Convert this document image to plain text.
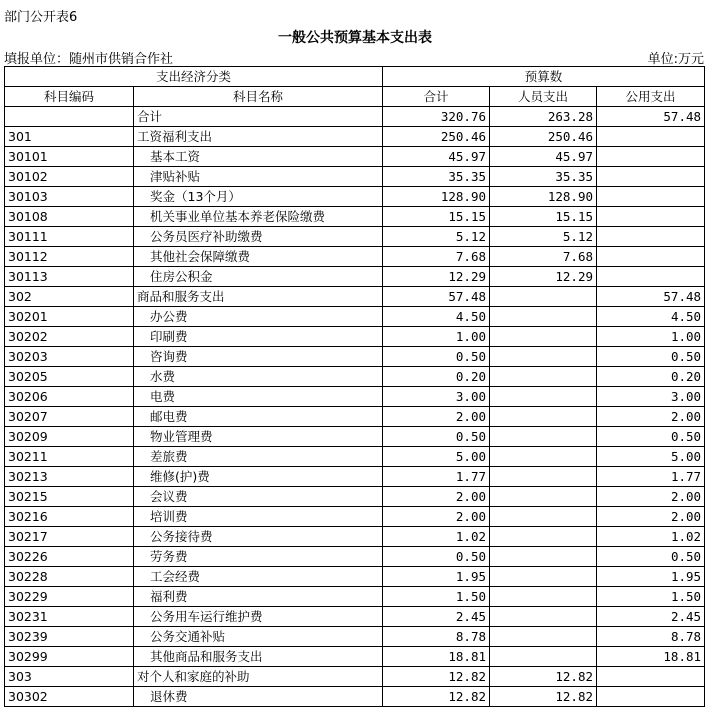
部门公开表6
一般公共预算基本支出表
填报单位：随州市供销合作社	单位:万元
支出经济分类		预算数		
科目编码	科目名称	合计	人员支出	公用支出
	合计	320.76	263.28	57.48
301	工资福利支出	250.46	250.46	
30101	基本工资	45.97	45.97	
30102	津贴补贴	35.35	35.35	
30103	奖金（13个月）	128.90	128.90	
30108	机关事业单位基本养老保险缴费	15.15	15.15	
30111	公务员医疗补助缴费	5.12	5.12	
30112	其他社会保障缴费	7.68	7.68	
30113	住房公积金	12.29	12.29	
302	商品和服务支出	57.48		57.48
30201	办公费	4.50		4.50
30202	印刷费	1.00		1.00
30203	咨询费	0.50		0.50
30205	水费	0.20		0.20
30206	电费	3.00		3.00
30207	邮电费	2.00		2.00
30209	物业管理费	0.50		0.50
30211	差旅费	5.00		5.00
30213	维修(护)费	1.77		1.77
30215	会议费	2.00		2.00
30216	培训费	2.00		2.00
30217	公务接待费	1.02		1.02
30226	劳务费	0.50		0.50
30228	工会经费	1.95		1.95
30229	福利费	1.50		1.50
30231	公务用车运行维护费	2.45		2.45
30239	公务交通补贴	8.78		8.78
30299	其他商品和服务支出	18.81		18.81
303	对个人和家庭的补助	12.82	12.82	
30302	退休费	12.82	12.82	
